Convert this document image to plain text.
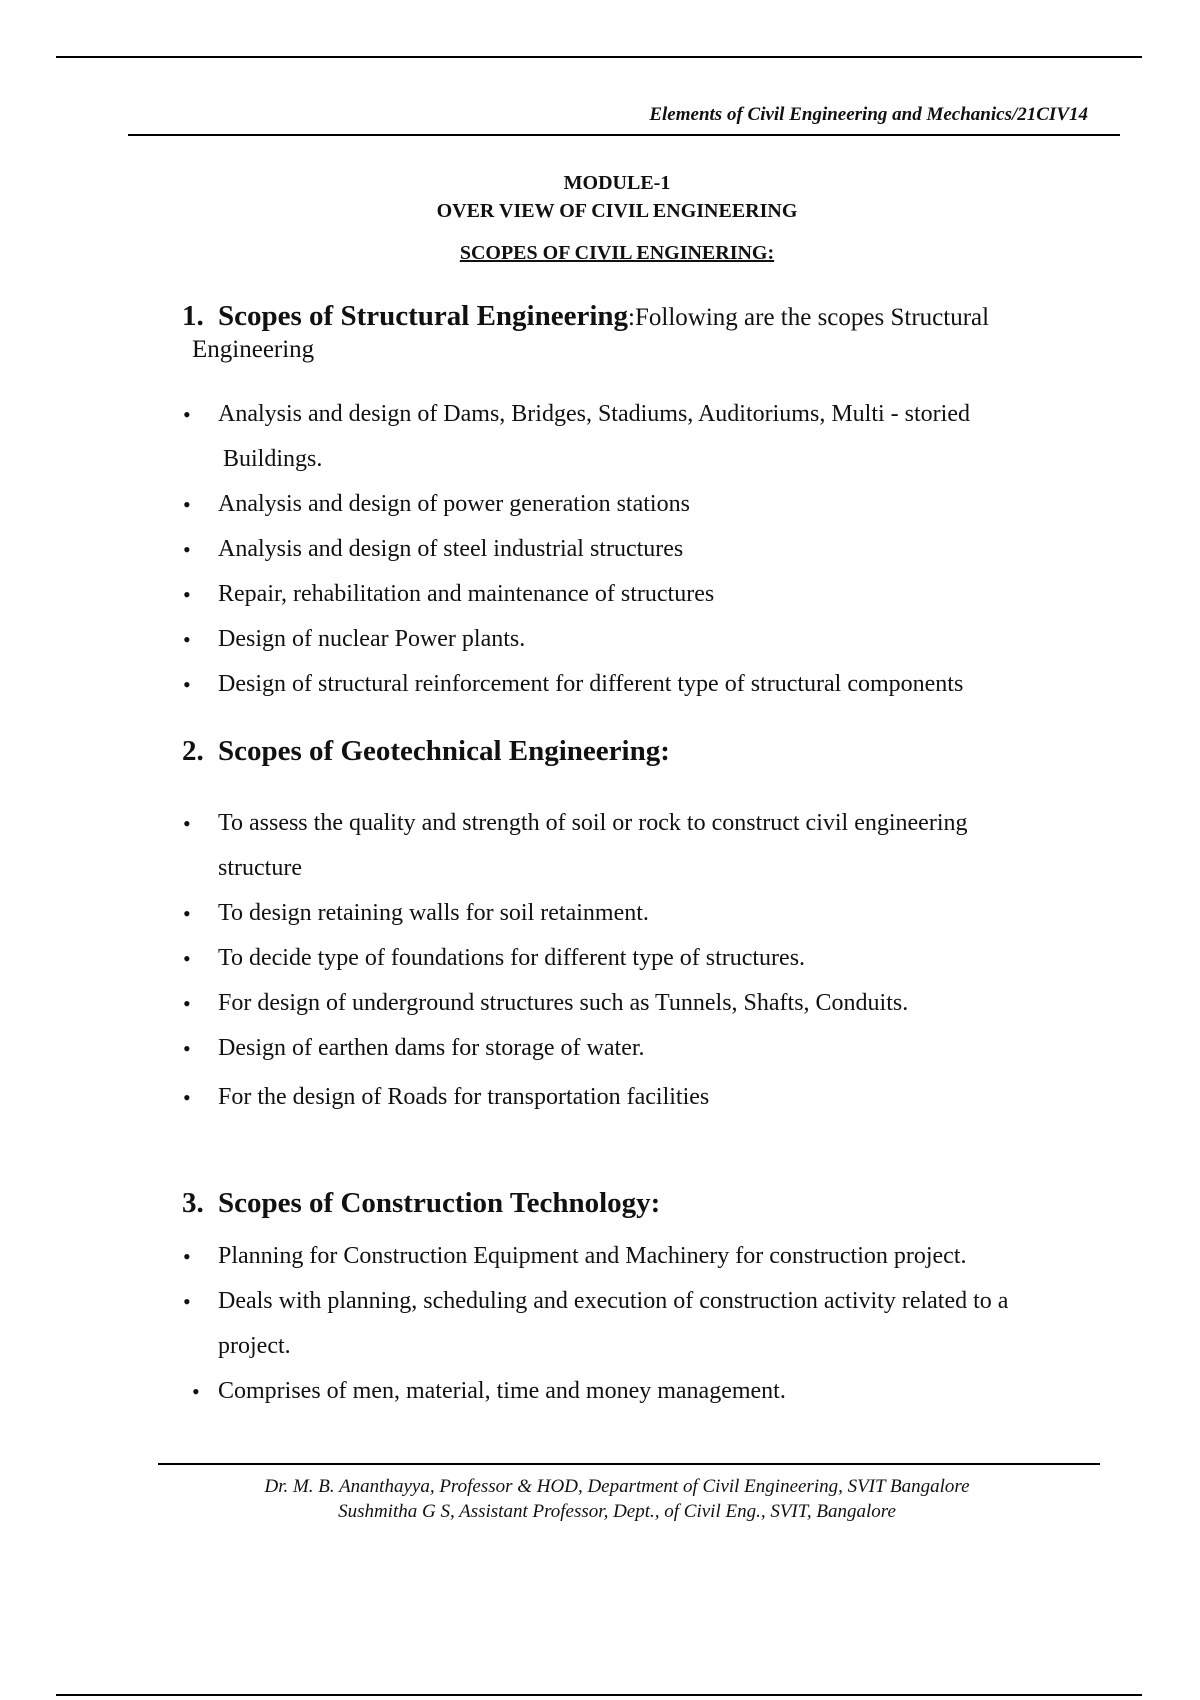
Elements of Civil Engineering and Mechanics/21CIV14
MODULE-1
OVER VIEW OF CIVIL ENGINEERING
SCOPES OF CIVIL ENGINERING:
1. Scopes of Structural Engineering:Following are the scopes Structural
Engineering
• Analysis and design of Dams, Bridges, Stadiums, Auditoriums, Multi - storied
Buildings.
• Analysis and design of power generation stations
• Analysis and design of steel industrial structures
• Repair, rehabilitation and maintenance of structures
• Design of nuclear Power plants.
• Design of structural reinforcement for different type of structural components
2. Scopes of Geotechnical Engineering:
• To assess the quality and strength of soil or rock to construct civil engineering
structure
• To design retaining walls for soil retainment.
• To decide type of foundations for different type of structures.
• For design of underground structures such as Tunnels, Shafts, Conduits.
• Design of earthen dams for storage of water.
• For the design of Roads for transportation facilities
3. Scopes of Construction Technology:
• Planning for Construction Equipment and Machinery for construction project.
• Deals with planning, scheduling and execution of construction activity related to a
project.
• Comprises of men, material, time and money management.
Dr. M. B. Ananthayya, Professor & HOD, Department of Civil Engineering, SVIT Bangalore
Sushmitha G S, Assistant Professor, Dept., of Civil Eng., SVIT, Bangalore
